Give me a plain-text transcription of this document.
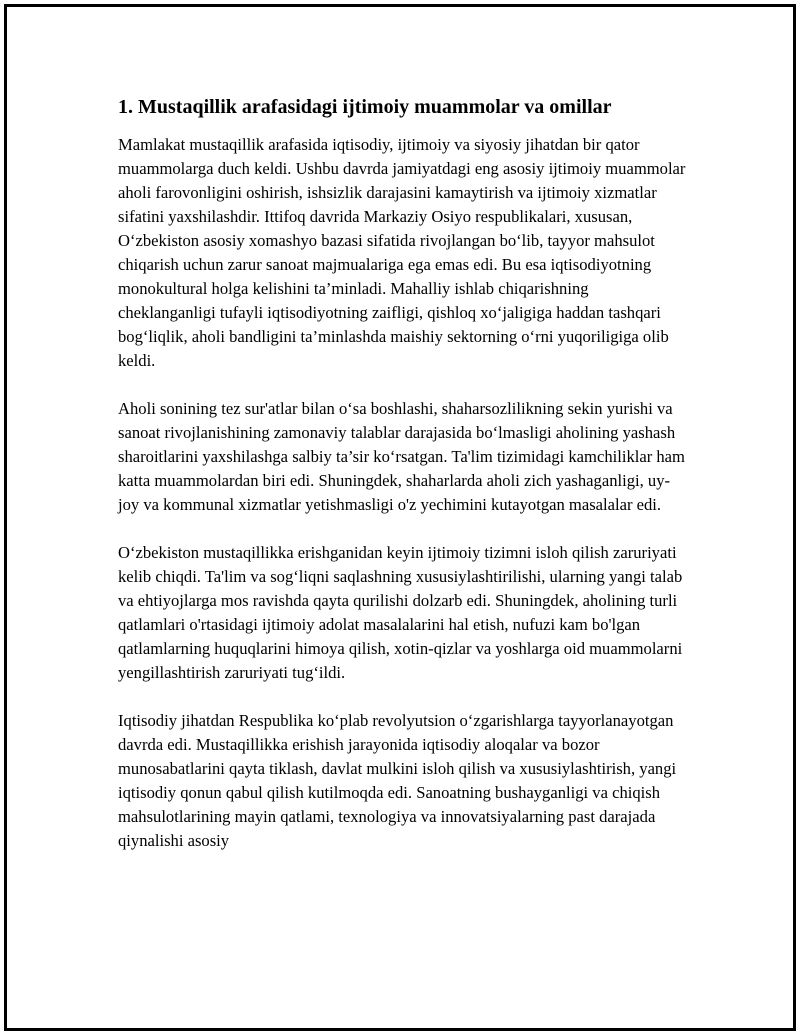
1. Mustaqillik arafasidagi ijtimoiy muammolar va omillar

Mamlakat mustaqillik arafasida iqtisodiy, ijtimoiy va siyosiy jihatdan bir qator muammolarga duch keldi. Ushbu davrda jamiyatdagi eng asosiy ijtimoiy muammolar aholi farovonligini oshirish, ishsizlik darajasini kamaytirish va ijtimoiy xizmatlar sifatini yaxshilashdir. Ittifoq davrida Markaziy Osiyo respublikalari, xususan, O‘zbekiston asosiy xomashyo bazasi sifatida rivojlangan bo‘lib, tayyor mahsulot chiqarish uchun zarur sanoat majmualariga ega emas edi. Bu esa iqtisodiyotning monokultural holga kelishini ta’minladi. Mahalliy ishlab chiqarishning cheklanganligi tufayli iqtisodiyotning zaifligi, qishloq xo‘jaligiga haddan tashqari bog‘liqlik, aholi bandligini ta’minlashda maishiy sektorning o‘rni yuqoriligiga olib keldi.

Aholi sonining tez sur'atlar bilan o‘sa boshlashi, shaharsozlilikning sekin yurishi va sanoat rivojlanishining zamonaviy talablar darajasida bo‘lmasligi aholining yashash sharoitlarini yaxshilashga salbiy ta’sir ko‘rsatgan. Ta'lim tizimidagi kamchiliklar ham katta muammolardan biri edi. Shuningdek, shaharlarda aholi zich yashaganligi, uy-joy va kommunal xizmatlar yetishmasligi o'z yechimini kutayotgan masalalar edi.

O‘zbekiston mustaqillikka erishganidan keyin ijtimoiy tizimni isloh qilish zaruriyati kelib chiqdi. Ta'lim va sog‘liqni saqlashning xususiylashtirilishi, ularning yangi talab va ehtiyojlarga mos ravishda qayta qurilishi dolzarb edi. Shuningdek, aholining turli qatlamlari o'rtasidagi ijtimoiy adolat masalalarini hal etish, nufuzi kam bo'lgan qatlamlarning huquqlarini himoya qilish, xotin-qizlar va yoshlarga oid muammolarni yengillashtirish zaruriyati tug‘ildi.

Iqtisodiy jihatdan Respublika ko‘plab revolyutsion o‘zgarishlarga tayyorlanayotgan davrda edi. Mustaqillikka erishish jarayonida iqtisodiy aloqalar va bozor munosabatlarini qayta tiklash, davlat mulkini isloh qilish va xususiylashtirish, yangi iqtisodiy qonun qabul qilish kutilmoqda edi. Sanoatning bushayganligi va chiqish mahsulotlarining mayin qatlami, texnologiya va innovatsiyalarning past darajada qiynalishi asosiy
